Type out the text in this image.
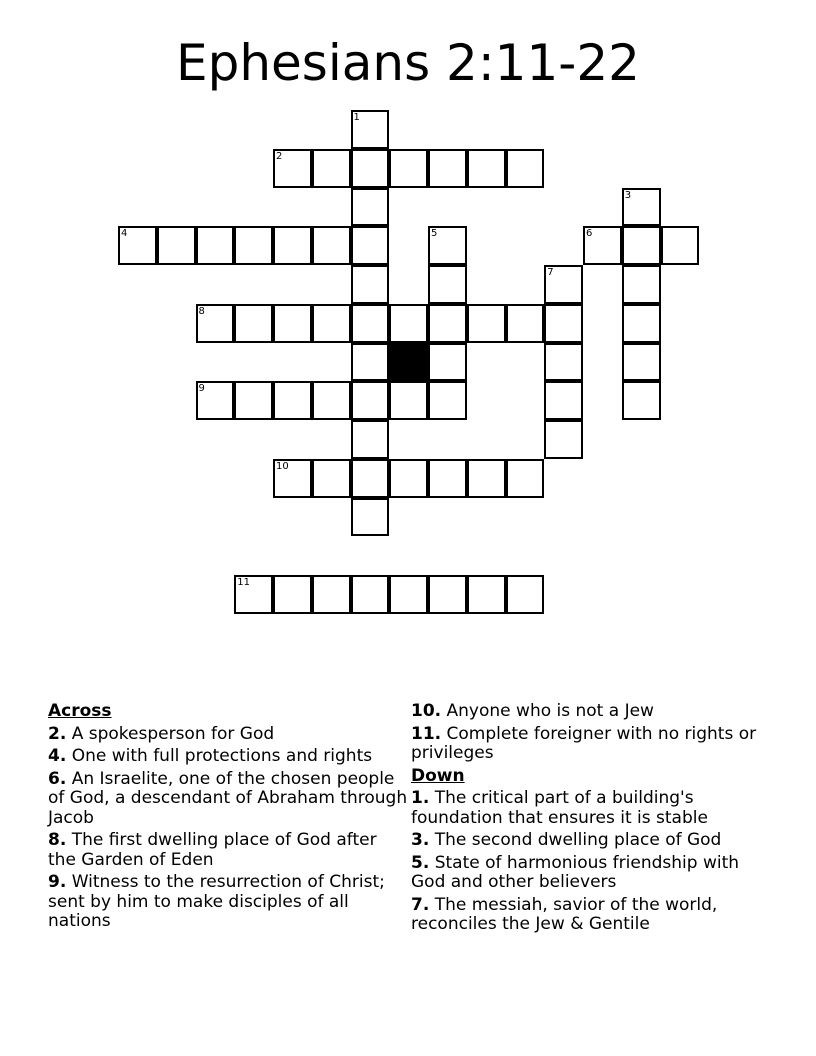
Ephesians 2:11-22
1
2
3
4	5	6
7
8
9
10
11
Across
2. A spokesperson for God
4. One with full protections and rights
6. An Israelite, one of the chosen people of God, a descendant of Abraham through Jacob
8. The first dwelling place of God after the Garden of Eden
9. Witness to the resurrection of Christ; sent by him to make disciples of all nations
10. Anyone who is not a Jew
11. Complete foreigner with no rights or privileges
Down
1. The critical part of a building's foundation that ensures it is stable
3. The second dwelling place of God
5. State of harmonious friendship with God and other believers
7. The messiah, savior of the world, reconciles the Jew & Gentile
